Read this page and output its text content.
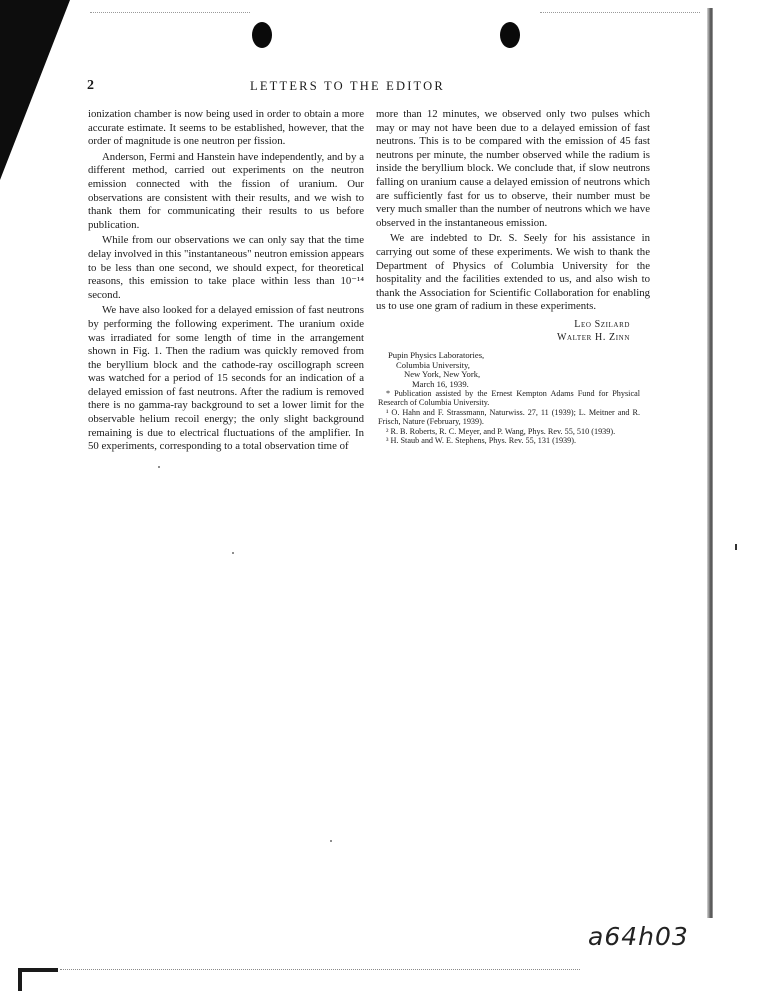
2	LETTERS TO THE EDITOR

ionization chamber is now being used in order to obtain a more accurate estimate. It seems to be established, however, that the order of magnitude is one neutron per fission.

Anderson, Fermi and Hanstein have independently, and by a different method, carried out experiments on the neutron emission connected with the fission of uranium. Our observations are consistent with their results, and we wish to thank them for communicating their results to us before publication.

While from our observations we can only say that the time delay involved in this "instantaneous" neutron emission appears to be less than one second, we should expect, for theoretical reasons, this emission to take place within less than 10⁻¹⁴ second.

We have also looked for a delayed emission of fast neutrons by performing the following experiment. The uranium oxide was irradiated for some length of time in the arrangement shown in Fig. 1. Then the radium was quickly removed from the beryllium block and the cathode-ray oscillograph screen was watched for a period of 15 seconds for an indication of a delayed emission of fast neutrons. After the radium is removed there is no gamma-ray background to set a lower limit for the observable helium recoil energy; the only slight background remaining is due to electrical fluctuations of the amplifier. In 50 experiments, corresponding to a total observation time of

more than 12 minutes, we observed only two pulses which may or may not have been due to a delayed emission of fast neutrons. This is to be compared with the emission of 45 fast neutrons per minute, the number observed while the radium is inside the beryllium block. We conclude that, if slow neutrons falling on uranium cause a delayed emission of neutrons which are sufficiently fast for us to observe, their number must be very much smaller than the number of neutrons which we have observed in the instantaneous emission.

We are indebted to Dr. S. Seely for his assistance in carrying out some of these experiments. We wish to thank the Department of Physics of Columbia University for the hospitality and the facilities extended to us, and also wish to thank the Association for Scientific Collaboration for enabling us to use one gram of radium in these experiments.

Leo Szilard
Walter H. Zinn
Pupin Physics Laboratories,
Columbia University,
New York, New York,
March 16, 1939.

* Publication assisted by the Ernest Kempton Adams Fund for Physical Research of Columbia University.

¹ O. Hahn and F. Strassmann, Naturwiss. 27, 11 (1939); L. Meitner and R. Frisch, Nature (February, 1939).

² R. B. Roberts, R. C. Meyer, and P. Wang, Phys. Rev. 55, 510 (1939).

³ H. Staub and W. E. Stephens, Phys. Rev. 55, 131 (1939).

a64h03
